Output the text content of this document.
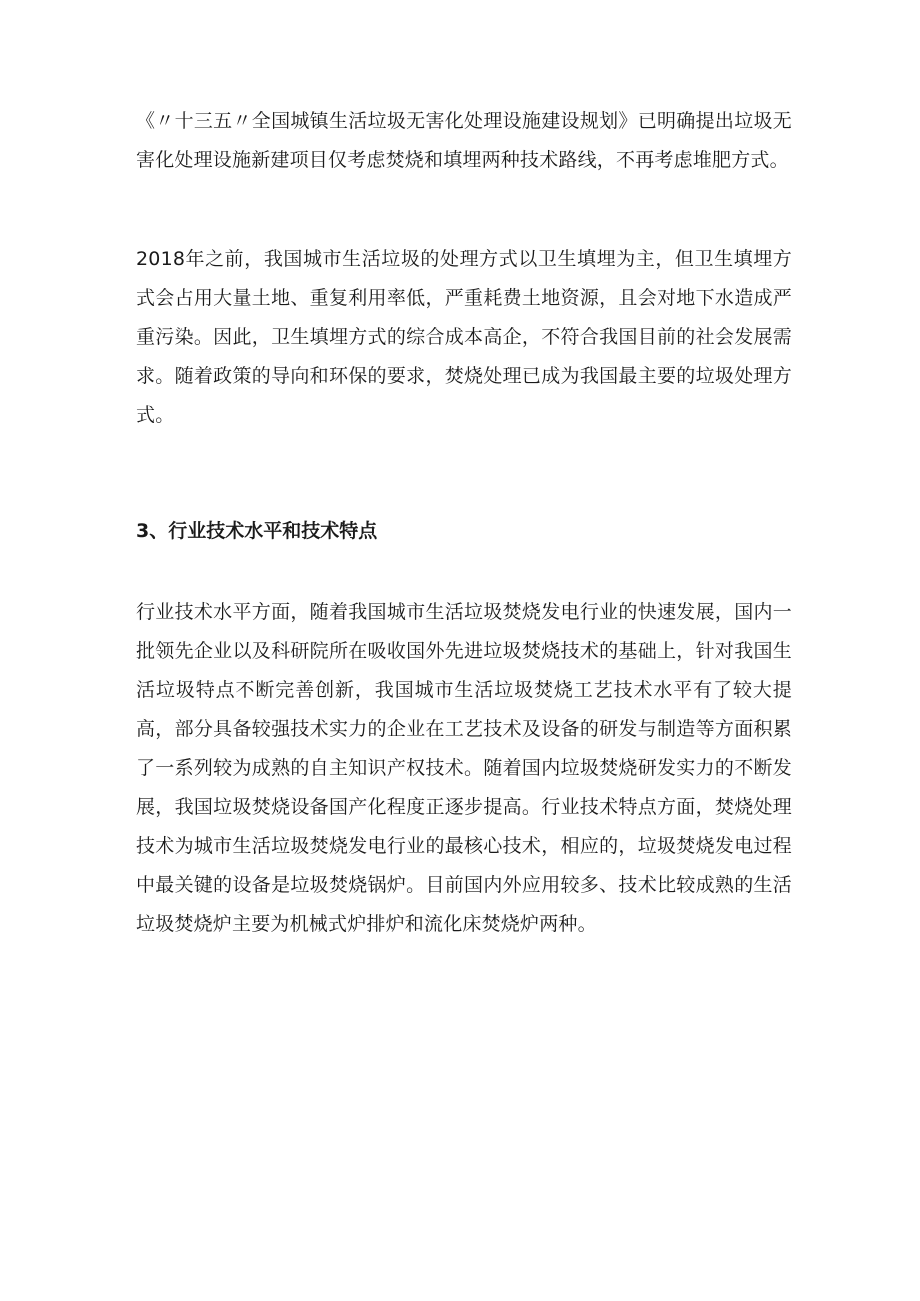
《〃十三五〃全国城镇生活垃圾无害化处理设施建设规划》已明确提出垃圾无害化处理设施新建项目仅考虑焚烧和填埋两种技术路线，不再考虑堆肥方式。

2018年之前，我国城市生活垃圾的处理方式以卫生填埋为主，但卫生填埋方式会占用大量土地、重复利用率低，严重耗费土地资源，且会对地下水造成严重污染。因此，卫生填埋方式的综合成本高企，不符合我国目前的社会发展需求。随着政策的导向和环保的要求，焚烧处理已成为我国最主要的垃圾处理方式。

3、行业技术水平和技术特点

行业技术水平方面，随着我国城市生活垃圾焚烧发电行业的快速发展，国内一批领先企业以及科研院所在吸收国外先进垃圾焚烧技术的基础上，针对我国生活垃圾特点不断完善创新，我国城市生活垃圾焚烧工艺技术水平有了较大提高，部分具备较强技术实力的企业在工艺技术及设备的研发与制造等方面积累了一系列较为成熟的自主知识产权技术。随着国内垃圾焚烧研发实力的不断发展，我国垃圾焚烧设备国产化程度正逐步提高。行业技术特点方面，焚烧处理技术为城市生活垃圾焚烧发电行业的最核心技术，相应的，垃圾焚烧发电过程中最关键的设备是垃圾焚烧锅炉。目前国内外应用较多、技术比较成熟的生活垃圾焚烧炉主要为机械式炉排炉和流化床焚烧炉两种。
